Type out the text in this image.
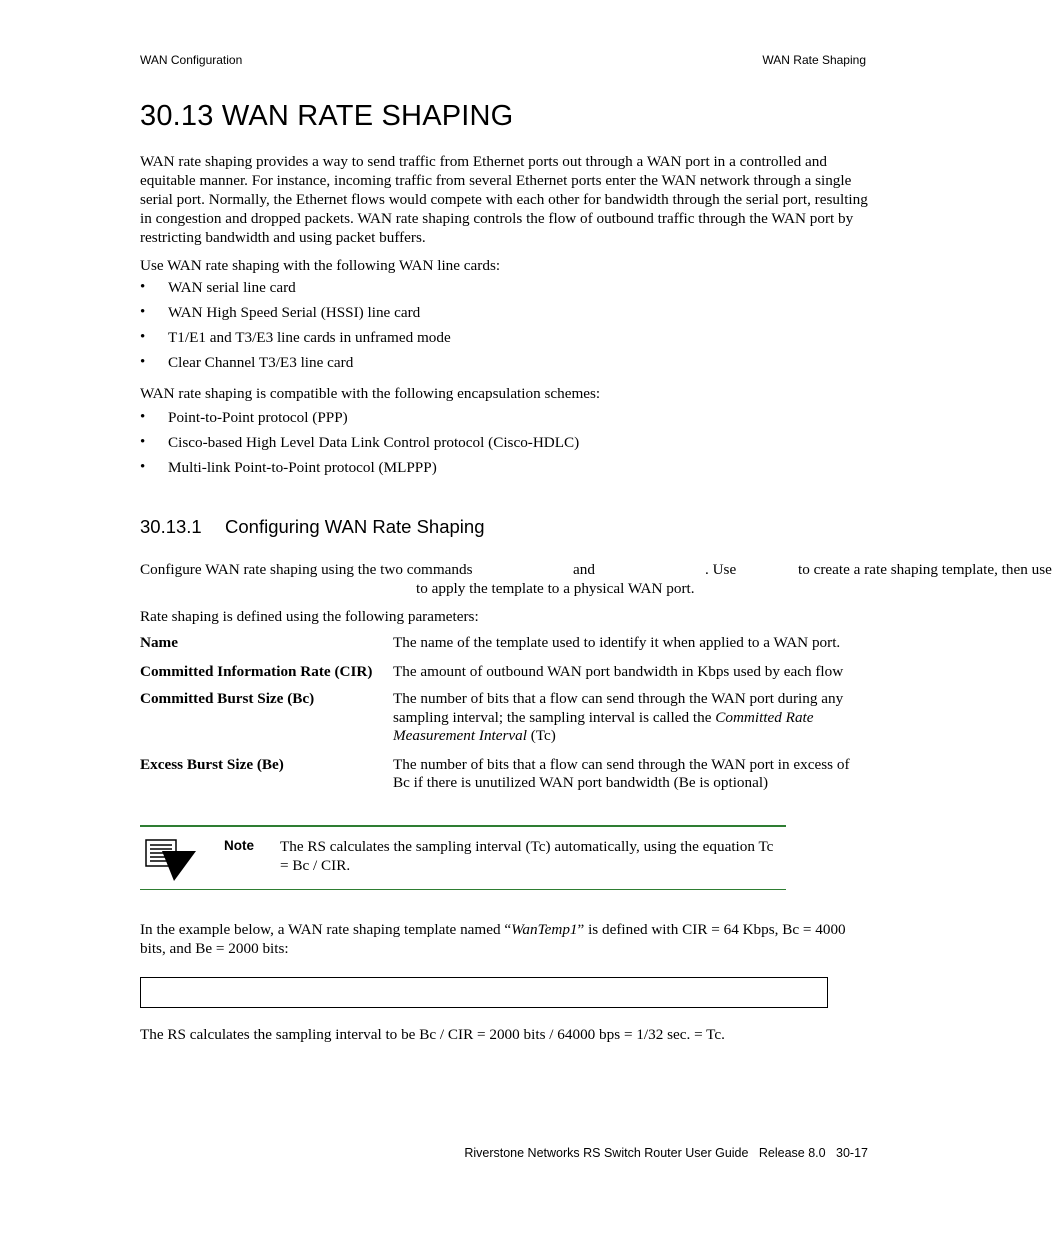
WAN Configuration	WAN Rate Shaping
30.13 WAN RATE SHAPING

WAN rate shaping provides a way to send traffic from Ethernet ports out through a WAN port in a controlled and equitable manner. For instance, incoming traffic from several Ethernet ports enter the WAN network through a single serial port. Normally, the Ethernet flows would compete with each other for bandwidth through the serial port, resulting in congestion and dropped packets. WAN rate shaping controls the flow of outbound traffic through the WAN port by restricting bandwidth and using packet buffers.

Use WAN rate shaping with the following WAN line cards:

• WAN serial line card
• WAN High Speed Serial (HSSI) line card
• T1/E1 and T3/E3 line cards in unframed mode
• Clear Channel T3/E3 line card

WAN rate shaping is compatible with the following encapsulation schemes:

• Point-to-Point protocol (PPP)
• Cisco-based High Level Data Link Control protocol (Cisco-HDLC)
• Multi-link Point-to-Point protocol (MLPPP)
30.13.1 Configuring WAN Rate Shaping
Configure WAN rate shaping using the two commands	and	. Use	to create a rate shaping template, then use
to apply the template to a physical WAN port.

Rate shaping is defined using the following parameters:

Name	The name of the template used to identify it when applied to a WAN port.
Committed Information Rate (CIR)	The amount of outbound WAN port bandwidth in Kbps used by each flow
Committed Burst Size (Bc)	The number of bits that a flow can send through the WAN port during any sampling interval; the sampling interval is called the Committed Rate Measurement Interval (Tc)
Excess Burst Size (Be)	The number of bits that a flow can send through the WAN port in excess of Bc if there is unutilized WAN port bandwidth (Be is optional)
Note The RS calculates the sampling interval (Tc) automatically, using the equation Tc = Bc / CIR.

In the example below, a WAN rate shaping template named “WanTemp1” is defined with CIR = 64 Kbps, Bc = 4000 bits, and Be = 2000 bits:

The RS calculates the sampling interval to be Bc / CIR = 2000 bits / 64000 bps = 1/32 sec. = Tc.

Riverstone Networks RS Switch Router User Guide Release 8.0 30-17
